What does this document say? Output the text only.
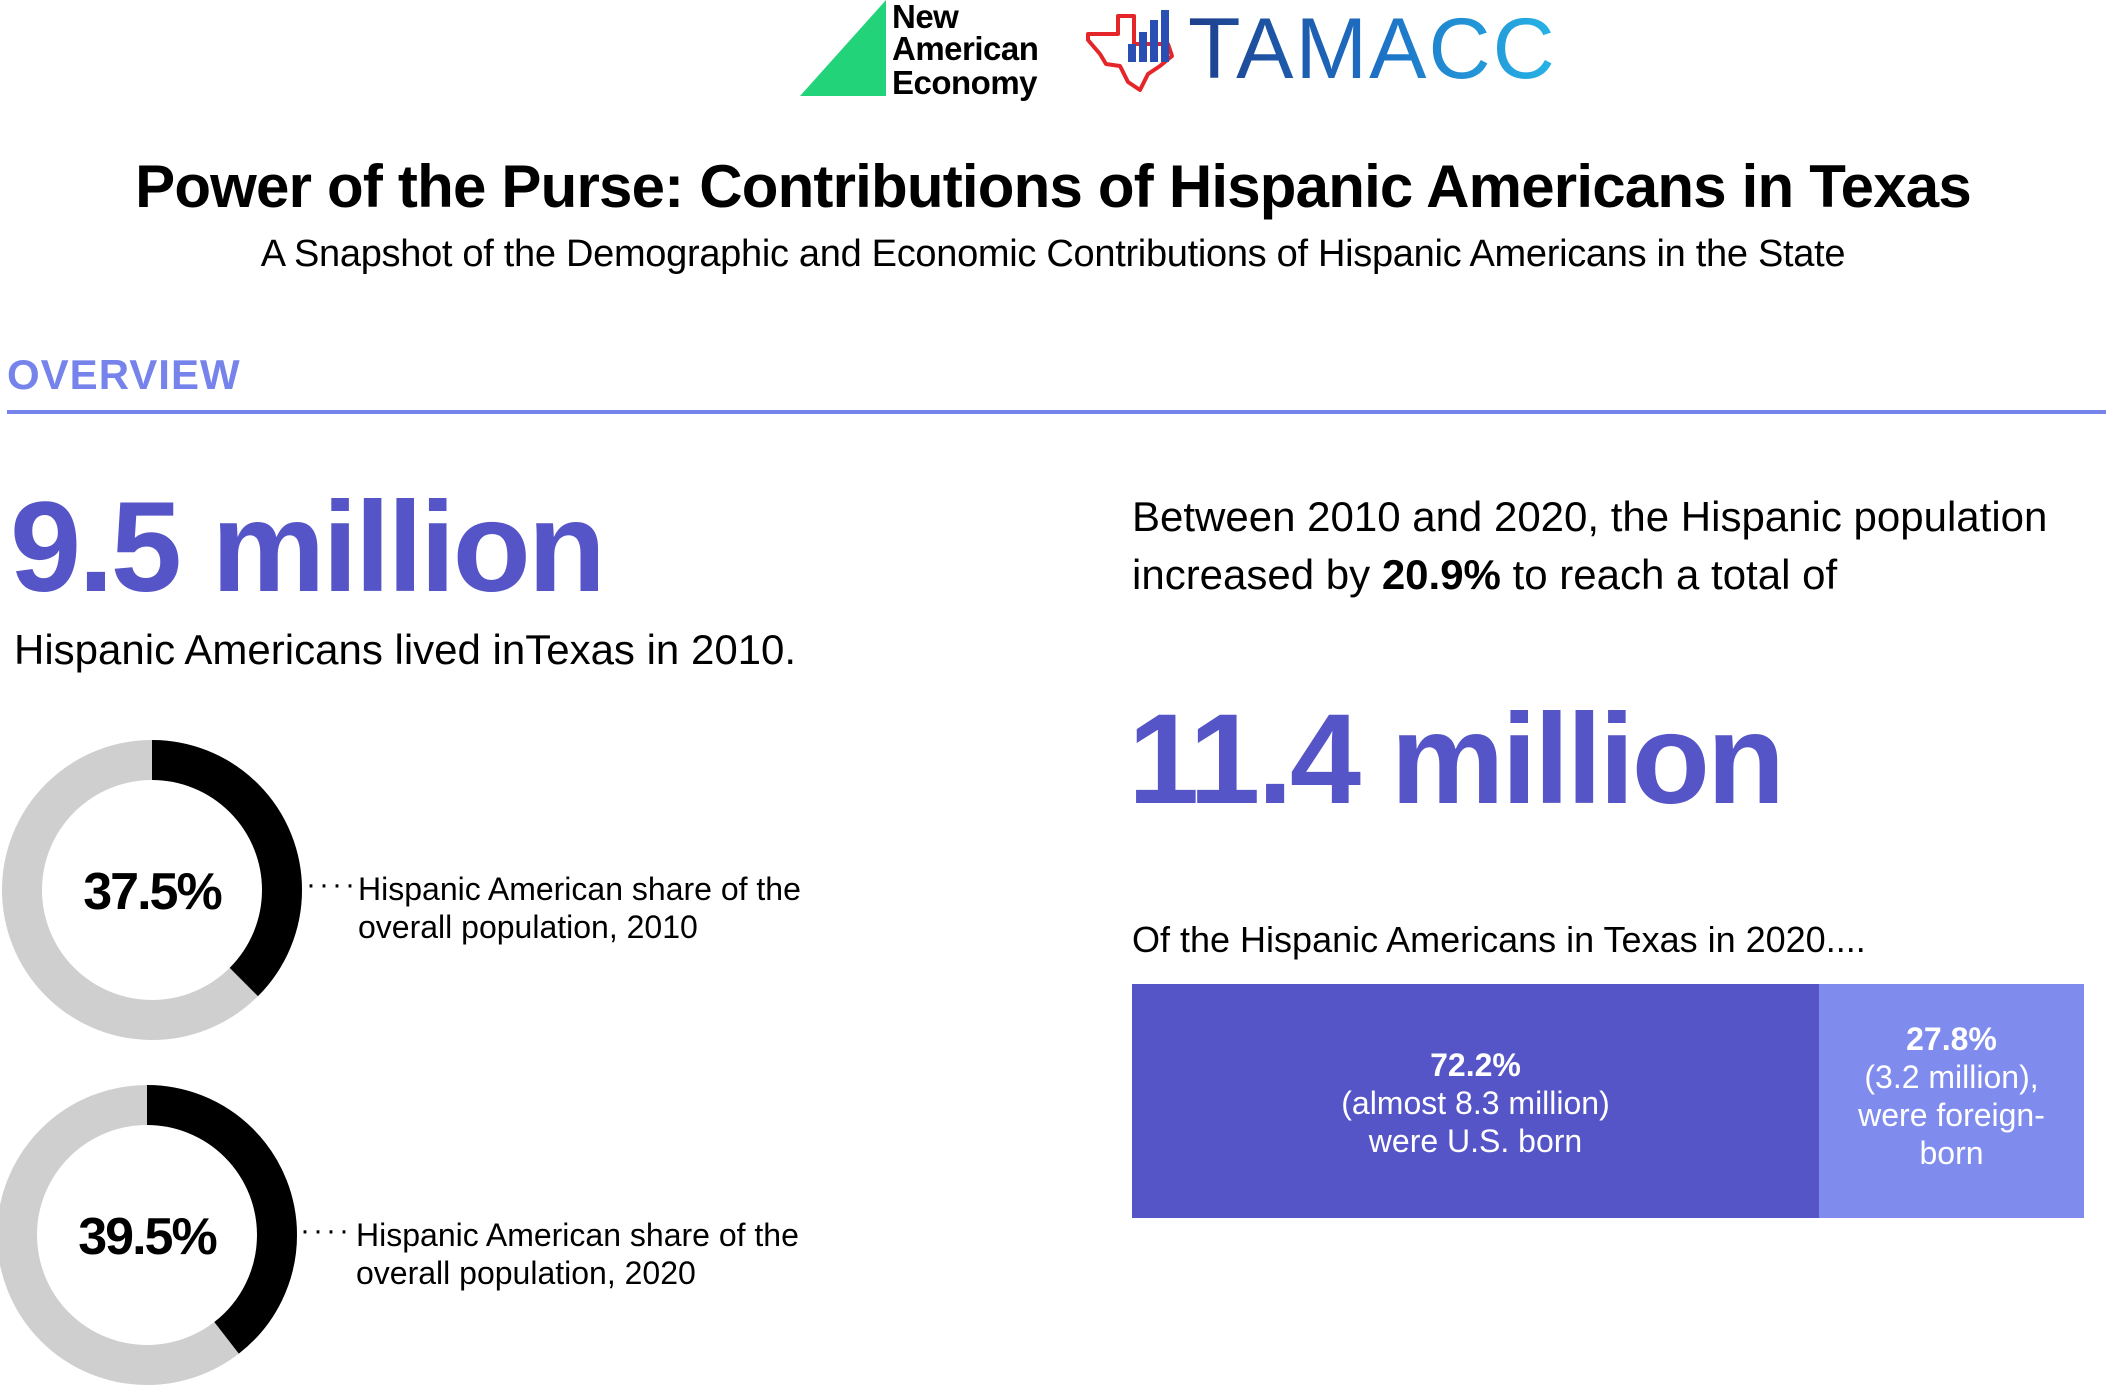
New
American
Economy TAMACC
Power of the Purse: Contributions of Hispanic Americans in Texas
A Snapshot of the Demographic and Economic Contributions of Hispanic Americans in the State
OVERVIEW
9.5 million
Hispanic Americans lived inTexas in 2010.
37.5%	···· Hispanic American share of the overall population, 2010
39.5%	···· Hispanic American share of the overall population, 2020
Between 2010 and 2020, the Hispanic population increased by 20.9% to reach a total of
11.4 million
Of the Hispanic Americans in Texas in 2020....
72.2%
(almost 8.3 million)
were U.S. born
27.8%
(3.2 million),
were foreign-
born
